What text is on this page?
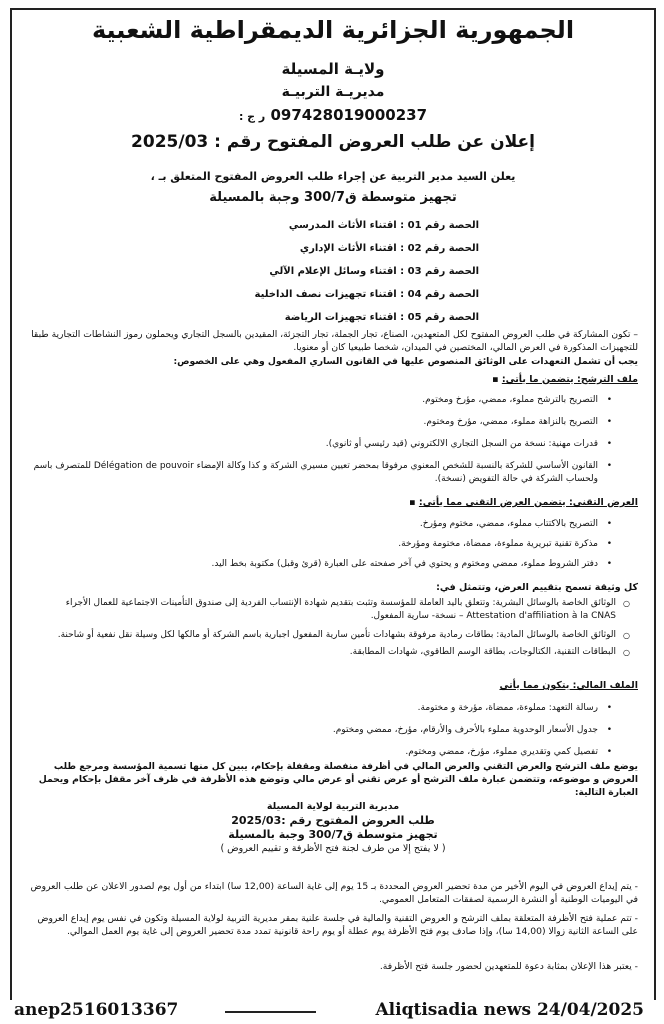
الجمهورية الجزائرية الديمقراطية الشعبية
ولايـة المسيلة
مديريـة التربيـة
097428019000237 ر ج :
إعلان عن طلب العروض المفتوح رقم : 2025/03
يعلن السيد مدير التربية عن إجراء طلب العروض المفتوح المتعلق بـ ،
تجهيز متوسطة ق300/7 وجبة بالمسيلة
الحصة رقم 01 : اقتناء الأثاث المدرسي
الحصة رقم 02 : اقتناء الأثاث الإداري
الحصة رقم 03 : اقتناء وسائل الإعلام الآلي
الحصة رقم 04 : اقتناء تجهيزات نصف الداخلية
الحصة رقم 05 : اقتناء تجهيزات الرياضة
– تكون المشاركة في طلب العروض المفتوح لكل المتعهدين، الصناع، تجار الجملة، تجار التجزئة، المقيدين بالسجل التجاري ويحملون رموز النشاطات التجارية طبقا للتجهيزات المذكورة في العرض المالي، المختصين في الميدان، شخصا طبيعيا كان أو معنويا.
يجب أن تشمل التعهدات على الوثائق المنصوص عليها في القانون الساري المفعول وهي على الخصوص:
ملف الترشح: يتضمن ما يأتي: ▪
• التصريح بالترشح مملوء، ممضي، مؤرخ ومختوم.
• التصريح بالنزاهة مملوء، ممضي، مؤرخ ومختوم.
• قدرات مهنية: نسخة من السجل التجاري الالكتروني (قيد رئيسي أو ثانوي).
• القانون الأساسي للشركة بالنسبة للشخص المعنوي مرفوقا بمحضر تعيين مسيري الشركة و كذا وكالة الإمضاء Délégation de pouvoir للمتصرف باسم ولحساب الشركة في حالة التفويض (نسخة).
العرض التقني: يتضمن العرض التقني مما يأتي: ▪
• التصريح بالاكتتاب مملوء، ممضي، مختوم ومؤرخ.
• مذكرة تقنية تبريرية مملوءة، ممضاة، مختومة ومؤرخة.
• دفتر الشروط مملوء، ممضي ومختوم و يحتوي في آخر صفحته على العبارة (قرئ وقبل) مكتوبة بخط اليد.
كل وثيقة تسمح بتقييم العرض، وتتمثل في:
○ الوثائق الخاصة بالوسائل البشرية: وتتعلق باليد العاملة للمؤسسة وتثبت بتقديم شهادة الإنتساب الفردية إلى صندوق التأمينات الاجتماعية للعمال الأجراء Attestation d'affiliation à la CNAS – نسخة- سارية المفعول.
○ الوثائق الخاصة بالوسائل المادية: بطاقات رمادية مرفوقة بشهادات تأمين سارية المفعول اجبارية باسم الشركة أو مالكها لكل وسيلة نقل نفعية أو شاحنة.
○ البطاقات التقنية، الكتالوجات، بطاقة الوسم الطاقوي، شهادات المطابقة.
الملف المالي: يتكون مما يأتي
• رسالة التعهد: مملوءة، ممضاة، مؤرخة و مختومة.
• جدول الأسعار الوحدوية مملوء بالأحرف والأرقام، مؤرخ، ممضي ومختوم.
• تفصيل كمي وتقديري مملوء، مؤرخ، ممضي ومختوم.
يوضع ملف الترشح والعرض التقني والعرض المالي في أظرفة منفصلة ومقفلة بإحكام، يبين كل منها تسمية المؤسسة ومرجع طلب العروض و موضوعه، وتتضمن عبارة ملف الترشح أو عرض تقني أو عرض مالي وتوضع هذه الأظرفة في ظرف آخر مقفل بإحكام ويحمل العبارة التالية:
مديرية التربية لولاية المسيلة
طلب العروض المفتوح رقم :2025/03
تجهيز متوسطة ق300/7 وجبة بالمسيلة
( لا يفتح إلا من طرف لجنة فتح الأظرفة و تقييم العروض )
- يتم إيداع العروض في اليوم الأخير من مدة تحضير العروض المحددة بـ 15 يوم إلى غاية الساعة (12,00 سا) ابتداء من أول يوم لصدور الاعلان عن طلب العروض في اليوميات الوطنية أو النشرة الرسمية لصفقات المتعامل العمومي.
- تتم عملية فتح الأظرفة المتعلقة بملف الترشح و العروض التقنية والمالية في جلسة علنية بمقر مديرية التربية لولاية المسيلة وتكون في نفس يوم إيداع العروض على الساعة الثانية زوالا (14,00 سا)، وإذا صادف يوم فتح الأظرفة يوم عطلة أو يوم راحة قانونية تمدد مدة تحضير العروض إلى غاية يوم العمل الموالي.
- يعتبر هذا الإعلان بمثابة دعوة للمتعهدين لحضور جلسة فتح الأظرفة.
anep2516013367	Aliqtisadia news 24/04/2025
